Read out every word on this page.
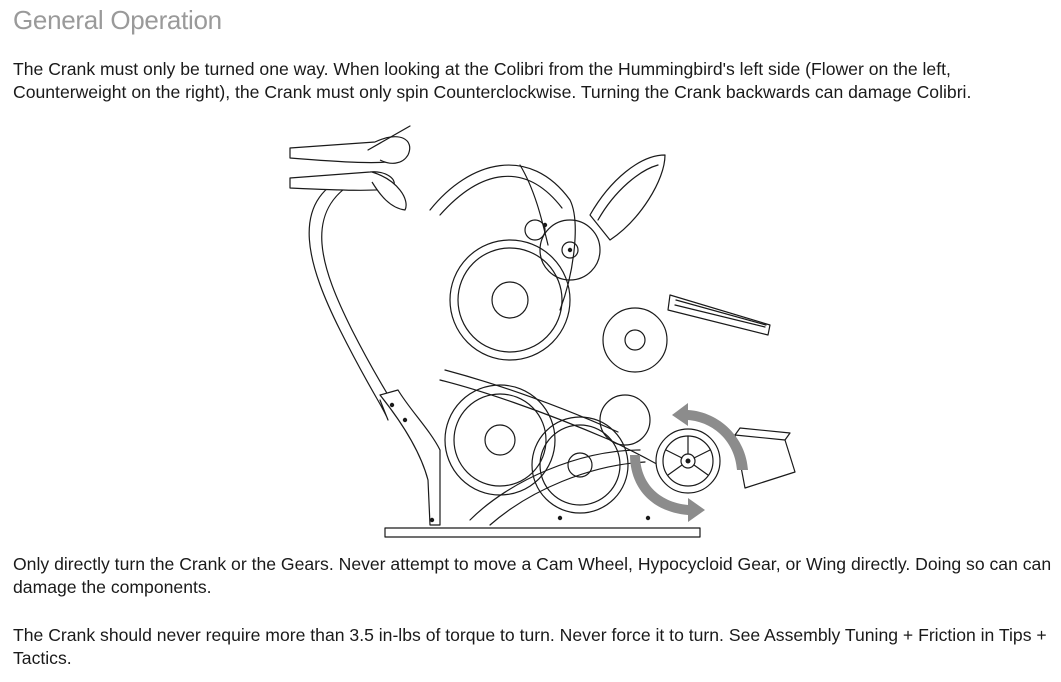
General Operation

The Crank must only be turned one way. When looking at the Colibri from the Hummingbird's left side (Flower on the left, Counterweight on the right), the Crank must only spin Counterclockwise. Turning the Crank backwards can damage Colibri.

Only directly turn the Crank or the Gears. Never attempt to move a Cam Wheel, Hypocycloid Gear, or Wing directly. Doing so can can damage the components.

The Crank should never require more than 3.5 in-lbs of torque to turn. Never force it to turn. See Assembly Tuning + Friction in Tips + Tactics.
